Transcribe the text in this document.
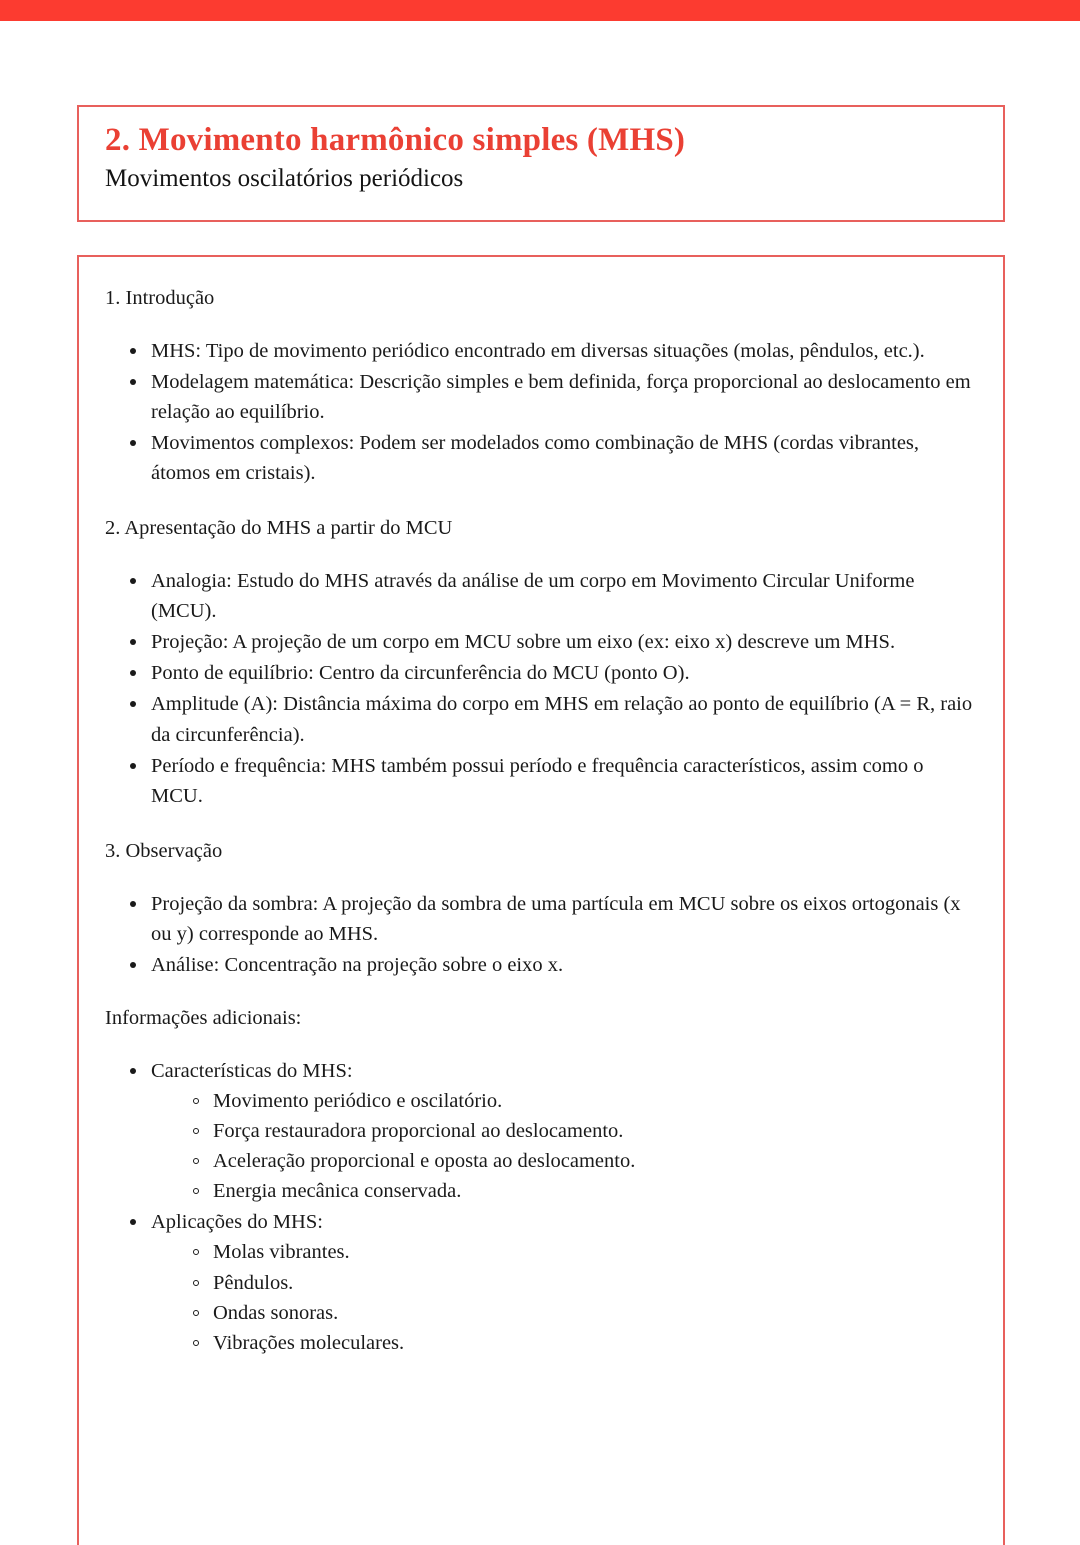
2. Movimento harmônico simples (MHS)
Movimentos oscilatórios periódicos

1. Introdução

MHS: Tipo de movimento periódico encontrado em diversas situações (molas, pêndulos, etc.).
Modelagem matemática: Descrição simples e bem definida, força proporcional ao deslocamento em relação ao equilíbrio.
Movimentos complexos: Podem ser modelados como combinação de MHS (cordas vibrantes, átomos em cristais).

2. Apresentação do MHS a partir do MCU

Analogia: Estudo do MHS através da análise de um corpo em Movimento Circular Uniforme (MCU).
Projeção: A projeção de um corpo em MCU sobre um eixo (ex: eixo x) descreve um MHS.
Ponto de equilíbrio: Centro da circunferência do MCU (ponto O).
Amplitude (A): Distância máxima do corpo em MHS em relação ao ponto de equilíbrio (A = R, raio da circunferência).
Período e frequência: MHS também possui período e frequência característicos, assim como o MCU.

3. Observação

Projeção da sombra: A projeção da sombra de uma partícula em MCU sobre os eixos ortogonais (x ou y) corresponde ao MHS.
Análise: Concentração na projeção sobre o eixo x.

Informações adicionais:

Características do MHS:
Movimento periódico e oscilatório.
Força restauradora proporcional ao deslocamento.
Aceleração proporcional e oposta ao deslocamento.
Energia mecânica conservada.
Aplicações do MHS:
Molas vibrantes.
Pêndulos.
Ondas sonoras.
Vibrações moleculares.
